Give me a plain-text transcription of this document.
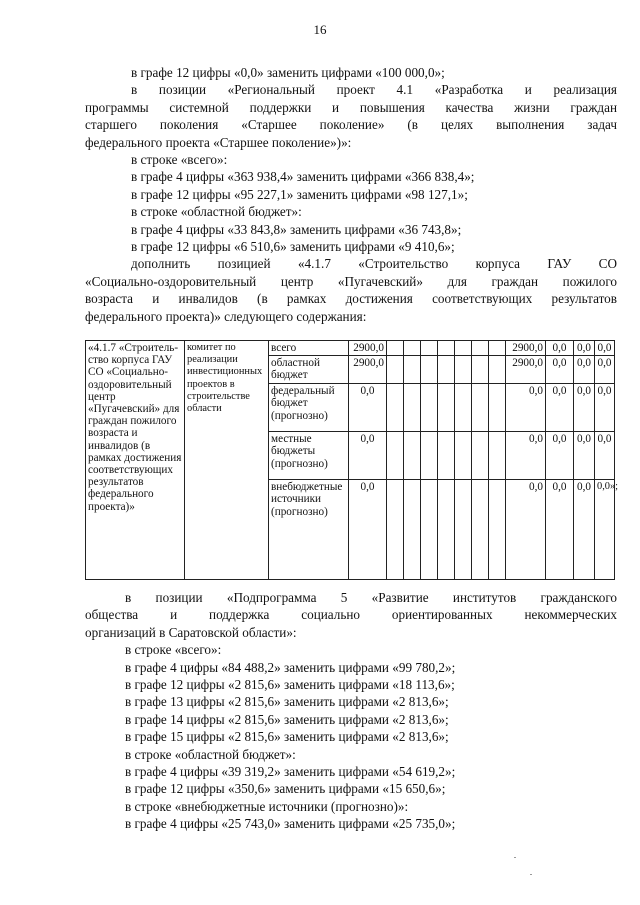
16

в графе 12 цифры «0,0» заменить цифрами «100 000,0»;

в позиции «Региональный проект 4.1 «Разработка и реализация

программы системной поддержки и повышения качества жизни граждан

старшего поколения «Старшее поколение» (в целях выполнения задач

федерального проекта «Старшее поколение»)»:

в строке «всего»:

в графе 4 цифры «363 938,4» заменить цифрами «366 838,4»;

в графе 12 цифры «95 227,1» заменить цифрами «98 127,1»;

в строке «областной бюджет»:

в графе 4 цифры «33 843,8» заменить цифрами «36 743,8»;

в графе 12 цифры «6 510,6» заменить цифрами «9 410,6»;

дополнить позицией «4.1.7 «Строительство корпуса ГАУ СО

«Социально-оздоровительный центр «Пугачевский» для граждан пожилого

возраста и инвалидов (в рамках достижения соответствующих результатов

федерального проекта)» следующего содержания:

«4.1.7 «Строитель-ство корпуса ГАУ СО «Социально-оздоровительный центр «Пугачевский» для граждан пожилого возраста и инвалидов (в рамках достижения соответствующих результатов федерального проекта)»	комитет по реализации инвестиционных проектов в строительстве области	всего	2900,0								2900,0	0,0	0,0	0,0
		областной бюджет	2900,0								2900,0	0,0	0,0	0,0
		федеральный бюджет (прогнозно)	0,0								0,0	0,0	0,0	0,0
		местные бюджеты (прогнозно)	0,0								0,0	0,0	0,0	0,0
		внебюджетные источники (прогнозно)	0,0								0,0	0,0	0,0	0,0»;

в позиции «Подпрограмма 5 «Развитие институтов гражданского

общества и поддержка социально ориентированных некоммерческих

организаций в Саратовской области»:

в строке «всего»:

в графе 4 цифры «84 488,2» заменить цифрами «99 780,2»;

в графе 12 цифры «2 815,6» заменить цифрами «18 113,6»;

в графе 13 цифры «2 815,6» заменить цифрами «2 813,6»;

в графе 14 цифры «2 815,6» заменить цифрами «2 813,6»;

в графе 15 цифры «2 815,6» заменить цифрами «2 813,6»;

в строке «областной бюджет»:

в графе 4 цифры «39 319,2» заменить цифрами «54 619,2»;

в графе 12 цифры «350,6» заменить цифрами «15 650,6»;

в строке «внебюджетные источники (прогнозно)»:

в графе 4 цифры «25 743,0» заменить цифрами «25 735,0»;
